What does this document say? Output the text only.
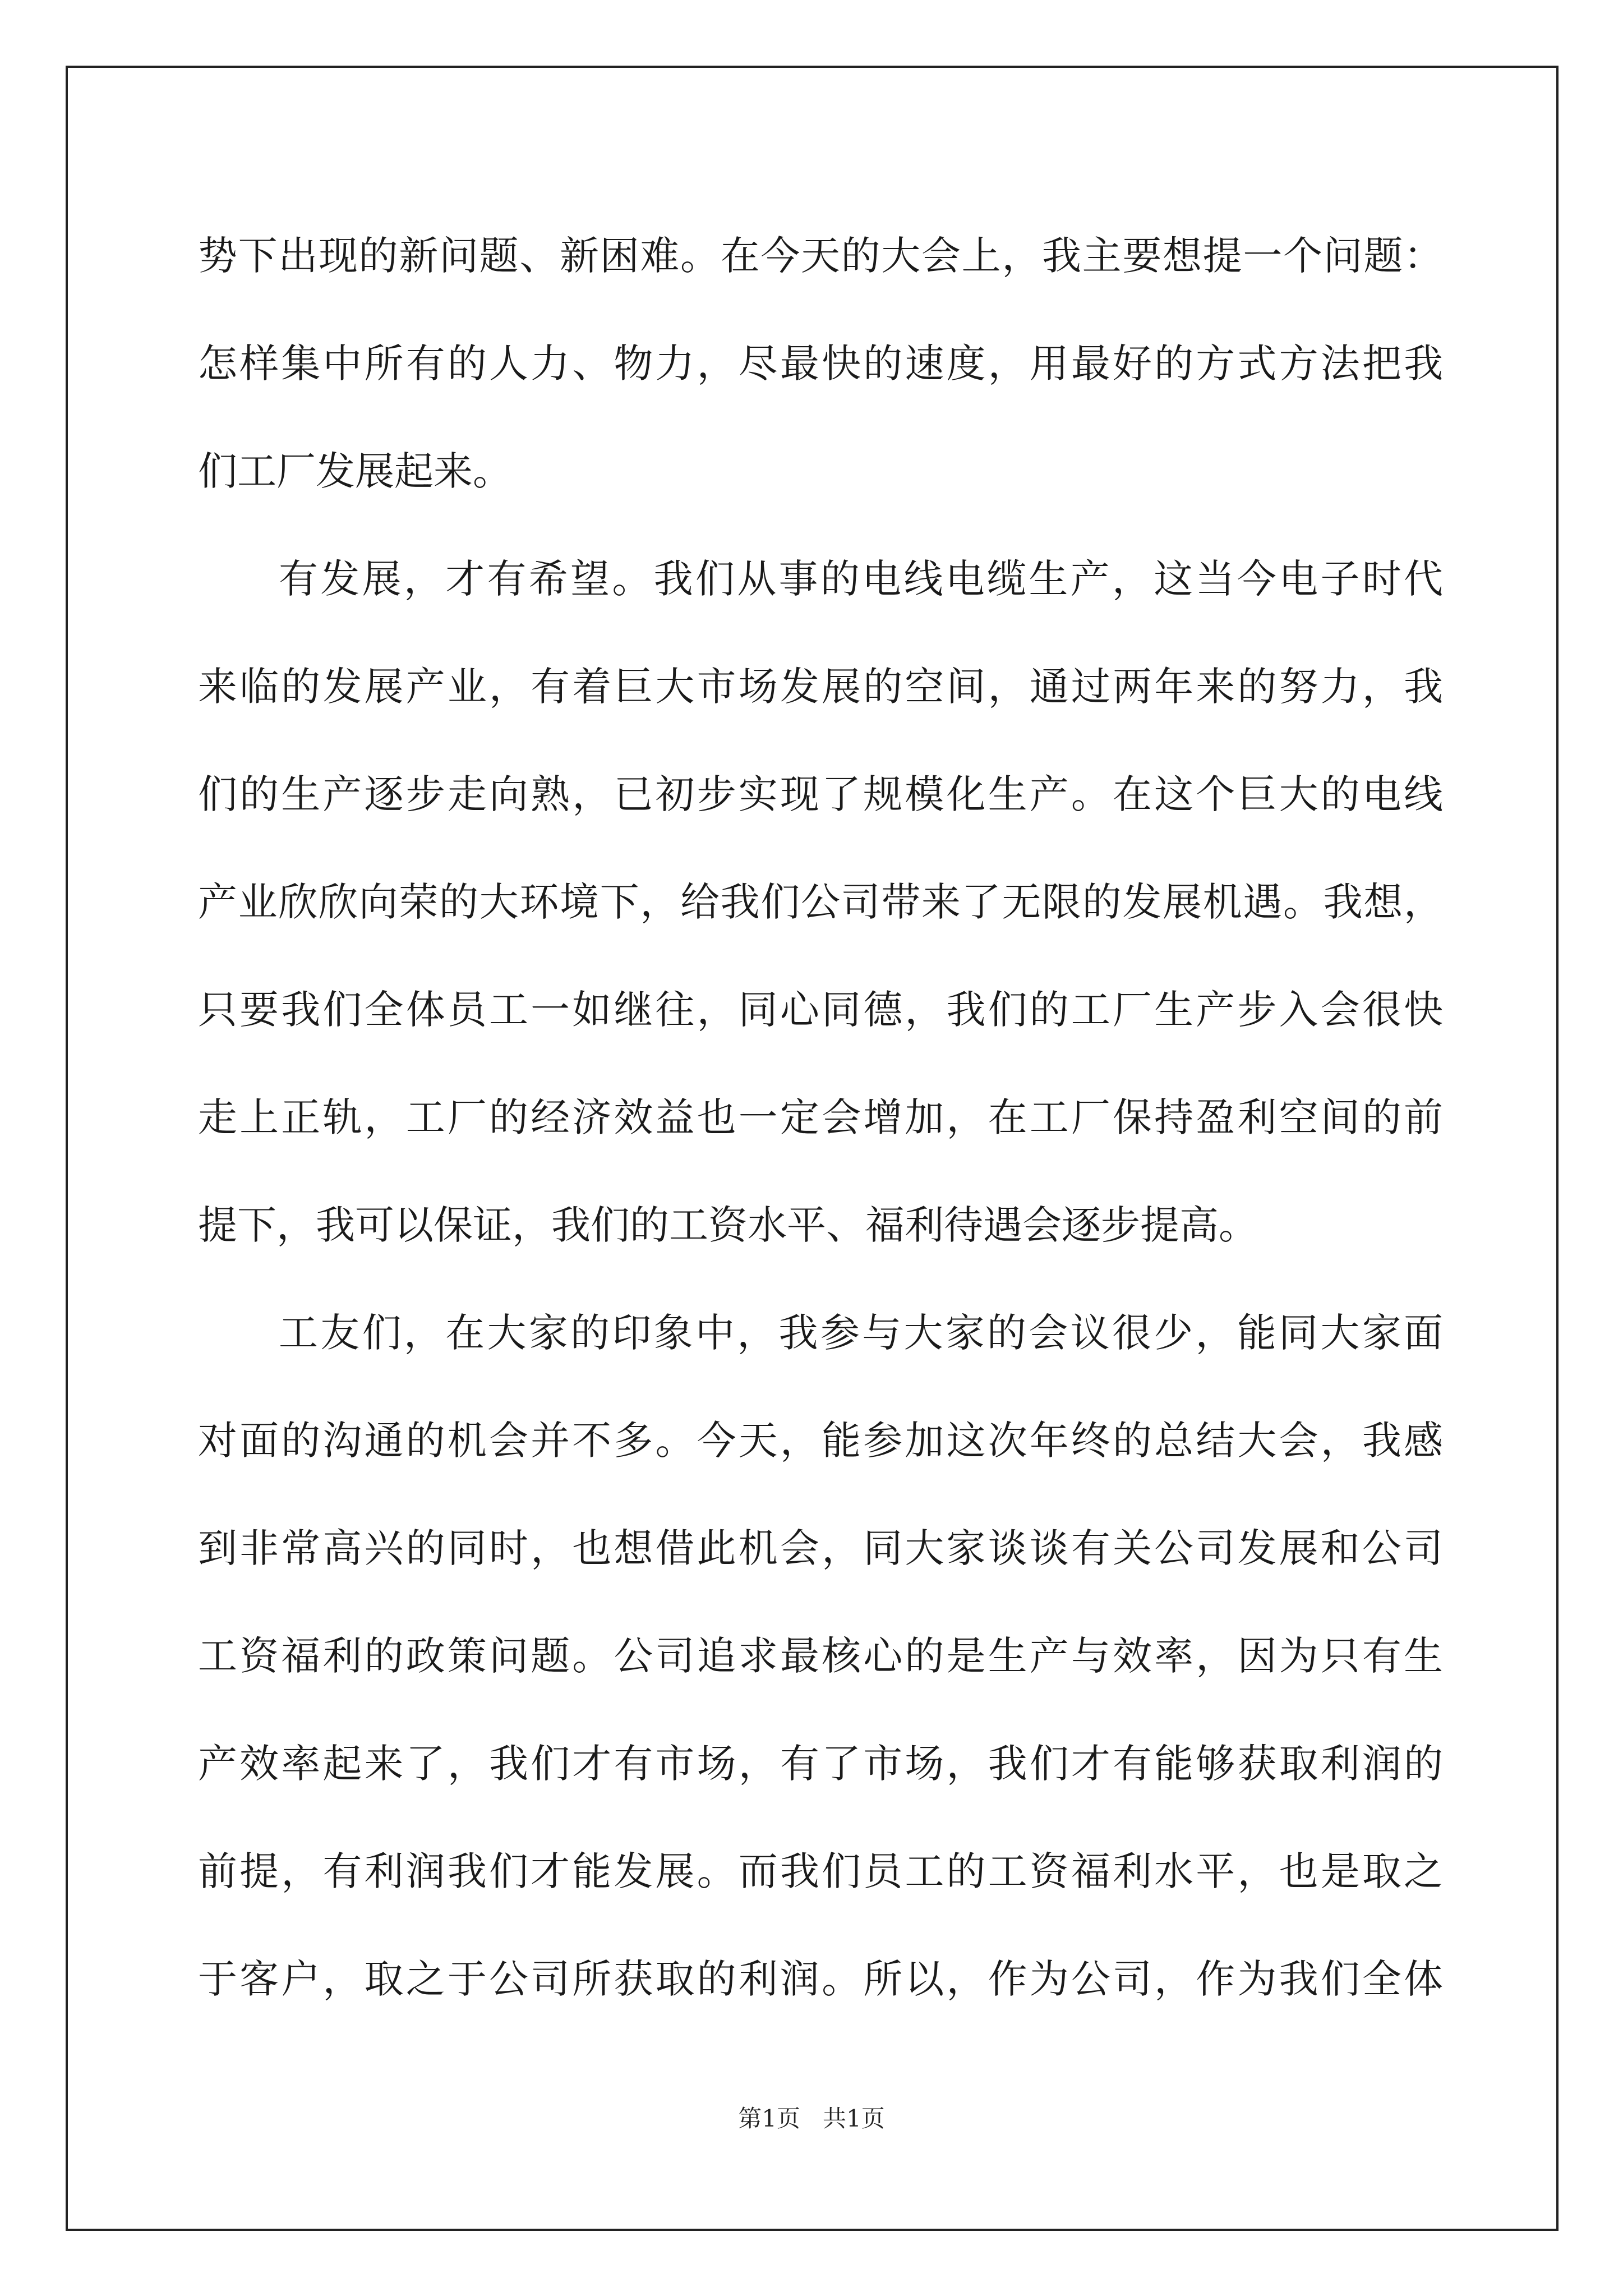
势下出现的新问题、新困难。在今天的大会上，我主要想提一个问题：
怎样集中所有的人力、物力，尽最快的速度，用最好的方式方法把我
们工厂发展起来。
有发展，才有希望。我们从事的电线电缆生产，这当今电子时代
来临的发展产业，有着巨大市场发展的空间，通过两年来的努力，我
们的生产逐步走向熟，已初步实现了规模化生产。在这个巨大的电线
产业欣欣向荣的大环境下，给我们公司带来了无限的发展机遇。我想，
只要我们全体员工一如继往，同心同德，我们的工厂生产步入会很快
走上正轨，工厂的经济效益也一定会增加，在工厂保持盈利空间的前
提下，我可以保证，我们的工资水平、福利待遇会逐步提高。
工友们，在大家的印象中，我参与大家的会议很少，能同大家面
对面的沟通的机会并不多。今天，能参加这次年终的总结大会，我感
到非常高兴的同时，也想借此机会，同大家谈谈有关公司发展和公司
工资福利的政策问题。公司追求最核心的是生产与效率，因为只有生
产效率起来了，我们才有市场，有了市场，我们才有能够获取利润的
前提，有利润我们才能发展。而我们员工的工资福利水平，也是取之
于客户，取之于公司所获取的利润。所以，作为公司，作为我们全体
第1页   共1页
